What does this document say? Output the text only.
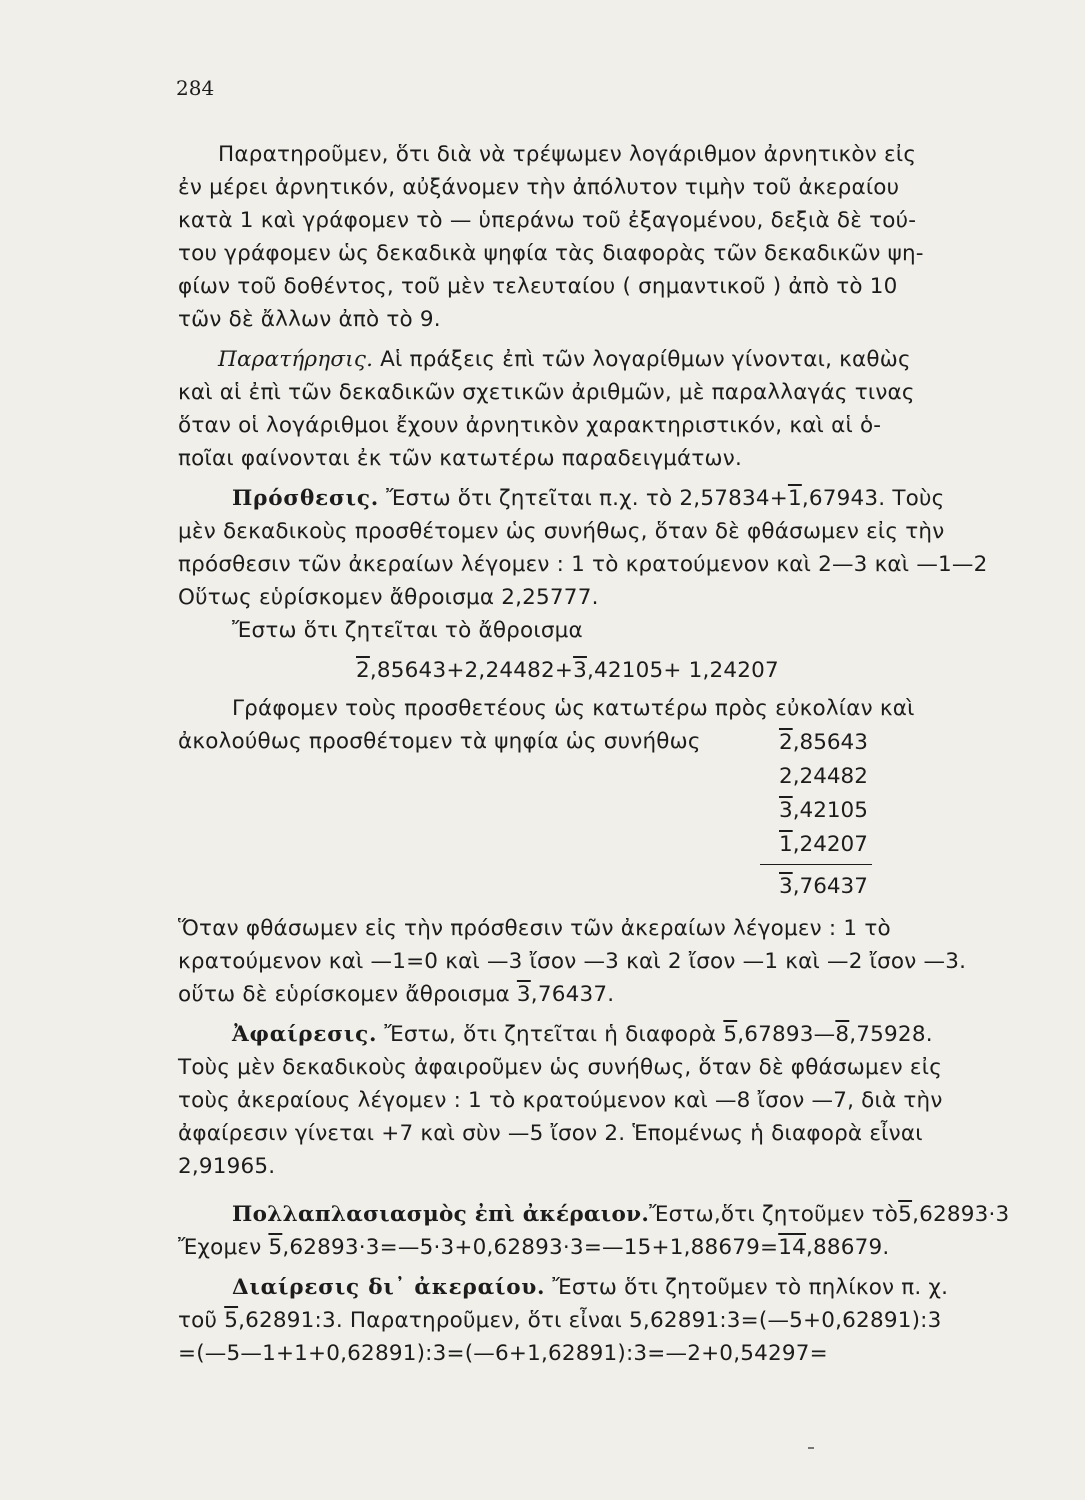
284
Παρατηροῦμεν, ὅτι διὰ νὰ τρέψωμεν λογάριθμον ἀρνητικὸν εἰς
ἐν μέρει ἀρνητικόν, αὐξάνομεν τὴν ἀπόλυτον τιμὴν τοῦ ἀκεραίου
κατὰ 1 καὶ γράφομεν τὸ — ὑπεράνω τοῦ ἐξαγομένου, δεξιὰ δὲ τού-
του γράφομεν ὡς δεκαδικὰ ψηφία τὰς διαφορὰς τῶν δεκαδικῶν ψη-
φίων τοῦ δοθέντος, τοῦ μὲν τελευταίου ( σημαντικοῦ ) ἀπὸ τὸ 10
τῶν δὲ ἄλλων ἀπὸ τὸ 9.
Παρατήρησις. Αἱ πράξεις ἐπὶ τῶν λογαρίθμων γίνονται, καθὼς
καὶ αἱ ἐπὶ τῶν δεκαδικῶν σχετικῶν ἀριθμῶν, μὲ παραλλαγάς τινας
ὅταν οἱ λογάριθμοι ἔχουν ἀρνητικὸν χαρακτηριστικόν, καὶ αἱ ὁ-
ποῖαι φαίνονται ἐκ τῶν κατωτέρω παραδειγμάτων.
Πρόσθεσις. Ἔστω ὅτι ζητεῖται π.χ. τὸ 2,57834+1,67943. Τοὺς
μὲν δεκαδικοὺς προσθέτομεν ὡς συνήθως, ὅταν δὲ φθάσωμεν εἰς τὴν
πρόσθεσιν τῶν ἀκεραίων λέγομεν : 1 τὸ κρατούμενον καὶ 2—3 καὶ —1—2
Οὕτως εὑρίσκομεν ἄθροισμα 2,25777.
Ἔστω ὅτι ζητεῖται τὸ ἄθροισμα
2,85643+2,24482+3,42105+ 1,24207
Γράφομεν τοὺς προσθετέους ὡς κατωτέρω πρὸς εὐκολίαν καὶ
ἀκολούθως προσθέτομεν τὰ ψηφία ὡς συνήθως	2,85643
2,24482
3,42105
1,24207
3,76437
Ὅταν φθάσωμεν εἰς τὴν πρόσθεσιν τῶν ἀκεραίων λέγομεν : 1 τὸ
κρατούμενον καὶ —1=0 καὶ —3 ἴσον —3 καὶ 2 ἴσον —1 καὶ —2 ἴσον —3.
οὕτω δὲ εὑρίσκομεν ἄθροισμα 3,76437.
Ἀφαίρεσις. Ἔστω, ὅτι ζητεῖται ἡ διαφορὰ 5,67893—8,75928.
Τοὺς μὲν δεκαδικοὺς ἀφαιροῦμεν ὡς συνήθως, ὅταν δὲ φθάσωμεν εἰς
τοὺς ἀκεραίους λέγομεν : 1 τὸ κρατούμενον καὶ —8 ἴσον —7, διὰ τὴν
ἀφαίρεσιν γίνεται +7 καὶ σὺν —5 ἴσον 2. Ἑπομένως ἡ διαφορὰ εἶναι
2,91965.
Πολλαπλασιασμὸς ἐπὶ ἀκέραιον.Ἔστω,ὅτι ζητοῦμεν τὸ5,62893·3
Ἔχομεν 5,62893·3=—5·3+0,62893·3=—15+1,88679=14,88679.
Διαίρεσις δι᾽ ἀκεραίου. Ἔστω ὅτι ζητοῦμεν τὸ πηλίκον π. χ.
τοῦ 5,62891:3. Παρατηροῦμεν, ὅτι εἶναι 5,62891:3=(—5+0,62891):3
=(—5—1+1+0,62891):3=(—6+1,62891):3=—2+0,54297=
